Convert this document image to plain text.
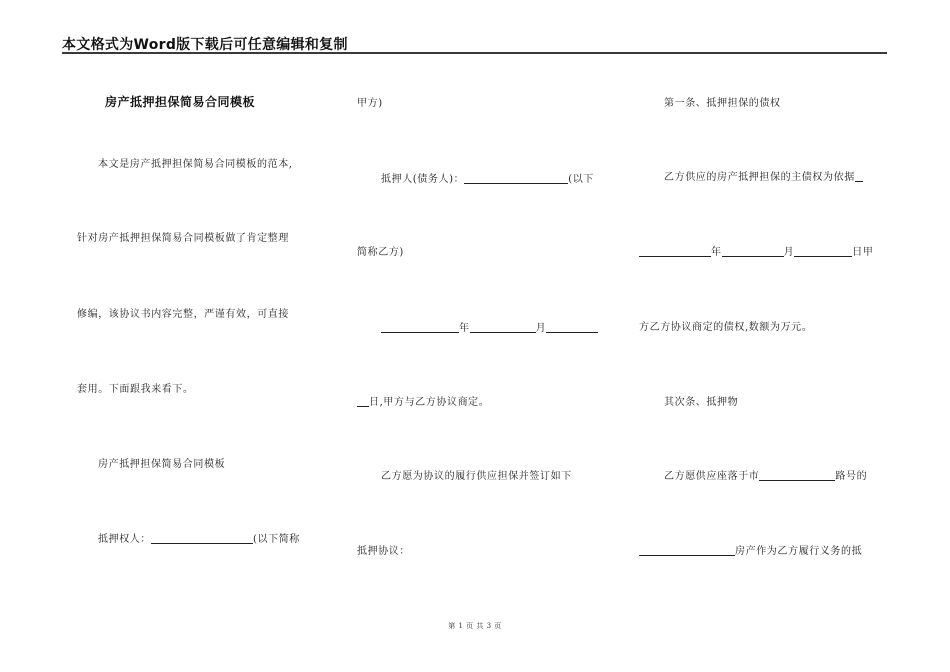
本文格式为Word版下载后可任意编辑和复制
房产抵押担保简易合同模板
本文是房产抵押担保简易合同模板的范本,
针对房产抵押担保简易合同模板做了肯定整理
修编，该协议书内容完整，严谨有效，可直接
套用。下面跟我来看下。
房产抵押担保简易合同模板
抵押权人：	(以下简称
甲方)
抵押人(债务人)：	(以下
简称乙方)
年	月
日,甲方与乙方协议商定。
乙方愿为协议的履行供应担保并签订如下
抵押协议：
第一条、抵押担保的债权
乙方供应的房产抵押担保的主债权为依据
年	月	日甲
方乙方协议商定的债权,数额为万元。
其次条、抵押物
乙方愿供应座落于市	路号的
房产作为乙方履行义务的抵
第 1 页 共 3 页
